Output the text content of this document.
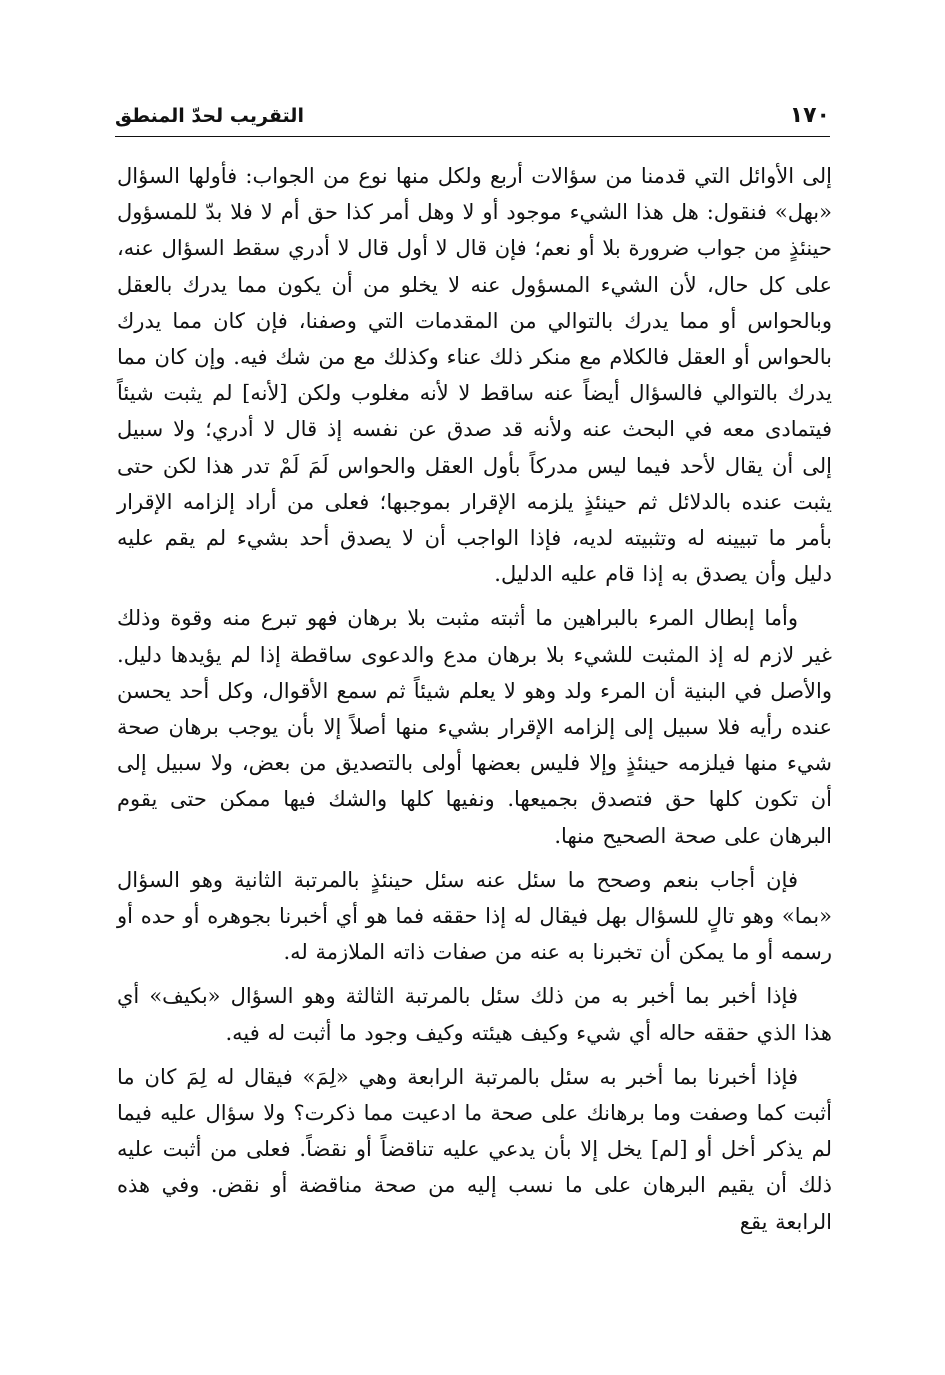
١٧٠
التقريب لحدّ المنطق

إلى الأوائل التي قدمنا من سؤالات أربع ولكل منها نوع من الجواب: فأولها السؤال «بهل» فنقول: هل هذا الشيء موجود أو لا وهل أمر كذا حق أم لا فلا بدّ للمسؤول حينئذٍ من جواب ضرورة بلا أو نعم؛ فإن قال لا أول قال لا أدري سقط السؤال عنه، على كل حال، لأن الشيء المسؤول عنه لا يخلو من أن يكون مما يدرك بالعقل وبالحواس أو مما يدرك بالتوالي من المقدمات التي وصفنا، فإن كان مما يدرك بالحواس أو العقل فالكلام مع منكر ذلك عناء وكذلك مع من شك فيه. وإن كان مما يدرك بالتوالي فالسؤال أيضاً عنه ساقط لا لأنه مغلوب ولكن [لأنه] لم يثبت شيئاً فيتمادى معه في البحث عنه ولأنه قد صدق عن نفسه إذ قال لا أدري؛ ولا سبيل إلى أن يقال لأحد فيما ليس مدركاً بأول العقل والحواس لَمَ لَمْ تدر هذا لكن حتى يثبت عنده بالدلائل ثم حينئذٍ يلزمه الإقرار بموجبها؛ فعلى من أراد إلزامه الإقرار بأمر ما تبيينه له وتثبيته لديه، فإذا الواجب أن لا يصدق أحد بشيء لم يقم عليه دليل وأن يصدق به إذا قام عليه الدليل.

وأما إبطال المرء بالبراهين ما أثبته مثبت بلا برهان فهو تبرع منه وقوة وذلك غير لازم له إذ المثبت للشيء بلا برهان مدع والدعوى ساقطة إذا لم يؤيدها دليل. والأصل في البنية أن المرء ولد وهو لا يعلم شيئاً ثم سمع الأقوال، وكل أحد يحسن عنده رأيه فلا سبيل إلى إلزامه الإقرار بشيء منها أصلاً إلا بأن يوجب برهان صحة شيء منها فيلزمه حينئذٍ وإلا فليس بعضها أولى بالتصديق من بعض، ولا سبيل إلى أن تكون كلها حق فتصدق بجميعها. ونفيها كلها والشك فيها ممكن حتى يقوم البرهان على صحة الصحيح منها.

فإن أجاب بنعم وصحح ما سئل عنه سئل حينئذٍ بالمرتبة الثانية وهو السؤال «بما» وهو تالٍ للسؤال بهل فيقال له إذا حققه فما هو أي أخبرنا بجوهره أو حده أو رسمه أو ما يمكن أن تخبرنا به عنه من صفات ذاته الملازمة له.

فإذا أخبر بما أخبر به من ذلك سئل بالمرتبة الثالثة وهو السؤال «بكيف» أي هذا الذي حققه حاله أي شيء وكيف هيئته وكيف وجود ما أثبت له فيه.

فإذا أخبرنا بما أخبر به سئل بالمرتبة الرابعة وهي «لِمَ» فيقال له لِمَ كان ما أثبت كما وصفت وما برهانك على صحة ما ادعيت مما ذكرت؟ ولا سؤال عليه فيما لم يذكر أخل أو [لم] يخل إلا بأن يدعي عليه تناقضاً أو نقضاً. فعلى من أثبت عليه ذلك أن يقيم البرهان على ما نسب إليه من صحة مناقضة أو نقض. وفي هذه الرابعة يقع
